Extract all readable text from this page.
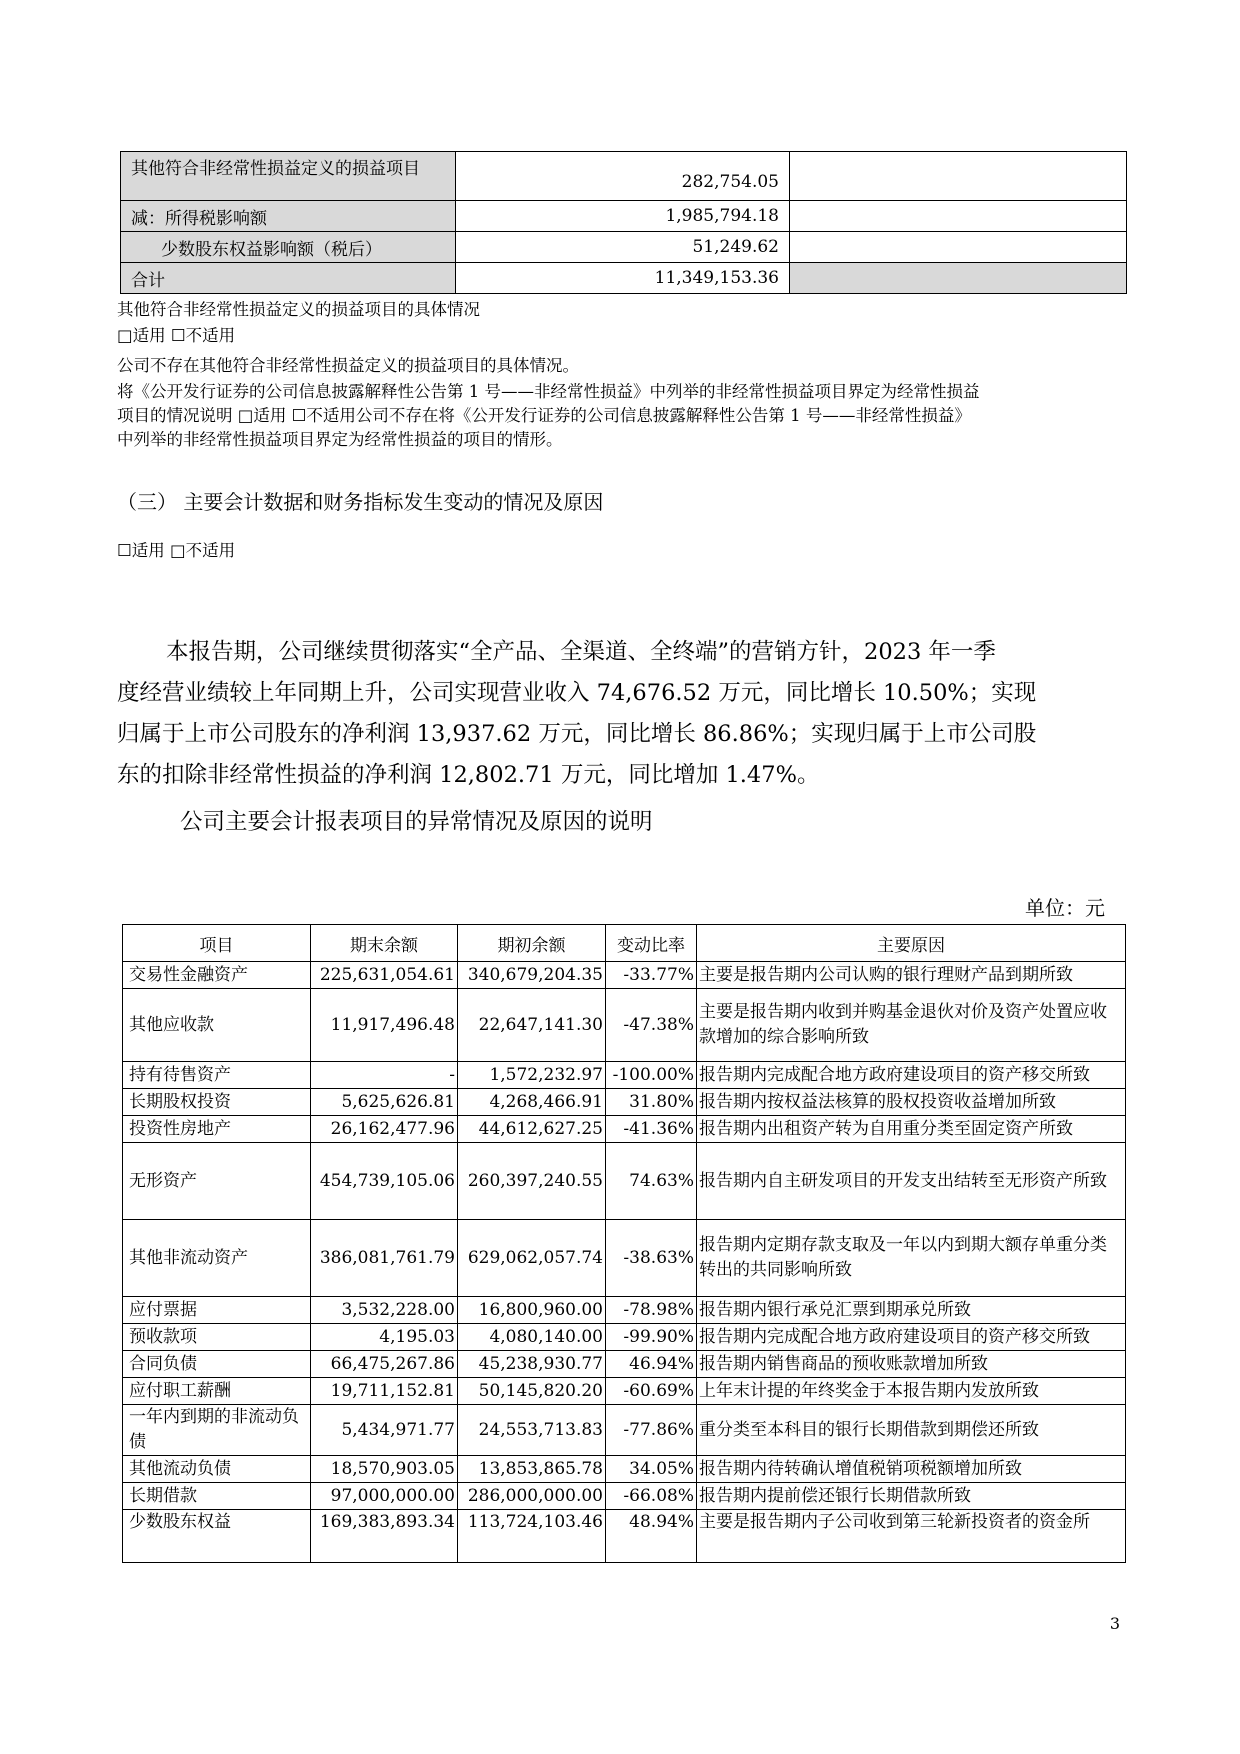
其他符合非经常性损益定义的损益项目	282,754.05	
减：所得税影响额	1,985,794.18	
少数股东权益影响额（税后）	51,249.62	
合计	11,349,153.36	
其他符合非经常性损益定义的损益项目的具体情况
□适用 ☐不适用
公司不存在其他符合非经常性损益定义的损益项目的具体情况。
将《公开发行证券的公司信息披露解释性公告第 1 号——非经常性损益》中列举的非经常性损益项目界定为经常性损益
项目的情况说明 □适用 ☐不适用公司不存在将《公开发行证券的公司信息披露解释性公告第 1 号——非经常性损益》
中列举的非经常性损益项目界定为经常性损益的项目的情形。
（三） 主要会计数据和财务指标发生变动的情况及原因
☐适用 □不适用
本报告期，公司继续贯彻落实“全产品、全渠道、全终端”的营销方针，2023 年一季
度经营业绩较上年同期上升，公司实现营业收入 74,676.52 万元，同比增长 10.50%；实现
归属于上市公司股东的净利润 13,937.62 万元，同比增长 86.86%；实现归属于上市公司股
东的扣除非经常性损益的净利润 12,802.71 万元，同比增加 1.47%。
公司主要会计报表项目的异常情况及原因的说明
单位：元
项目	期末余额	期初余额	变动比率	主要原因
交易性金融资产	225,631,054.61	340,679,204.35	-33.77%	主要是报告期内公司认购的银行理财产品到期所致
其他应收款	11,917,496.48	22,647,141.30	-47.38%	主要是报告期内收到并购基金退伙对价及资产处置应收款增加的综合影响所致
持有待售资产	-	1,572,232.97	-100.00%	报告期内完成配合地方政府建设项目的资产移交所致
长期股权投资	5,625,626.81	4,268,466.91	31.80%	报告期内按权益法核算的股权投资收益增加所致
投资性房地产	26,162,477.96	44,612,627.25	-41.36%	报告期内出租资产转为自用重分类至固定资产所致
无形资产	454,739,105.06	260,397,240.55	74.63%	报告期内自主研发项目的开发支出结转至无形资产所致
其他非流动资产	386,081,761.79	629,062,057.74	-38.63%	报告期内定期存款支取及一年以内到期大额存单重分类转出的共同影响所致
应付票据	3,532,228.00	16,800,960.00	-78.98%	报告期内银行承兑汇票到期承兑所致
预收款项	4,195.03	4,080,140.00	-99.90%	报告期内完成配合地方政府建设项目的资产移交所致
合同负债	66,475,267.86	45,238,930.77	46.94%	报告期内销售商品的预收账款增加所致
应付职工薪酬	19,711,152.81	50,145,820.20	-60.69%	上年末计提的年终奖金于本报告期内发放所致
一年内到期的非流动负债	5,434,971.77	24,553,713.83	-77.86%	重分类至本科目的银行长期借款到期偿还所致
其他流动负债	18,570,903.05	13,853,865.78	34.05%	报告期内待转确认增值税销项税额增加所致
长期借款	97,000,000.00	286,000,000.00	-66.08%	报告期内提前偿还银行长期借款所致
少数股东权益	169,383,893.34	113,724,103.46	48.94%	主要是报告期内子公司收到第三轮新投资者的资金所
3
